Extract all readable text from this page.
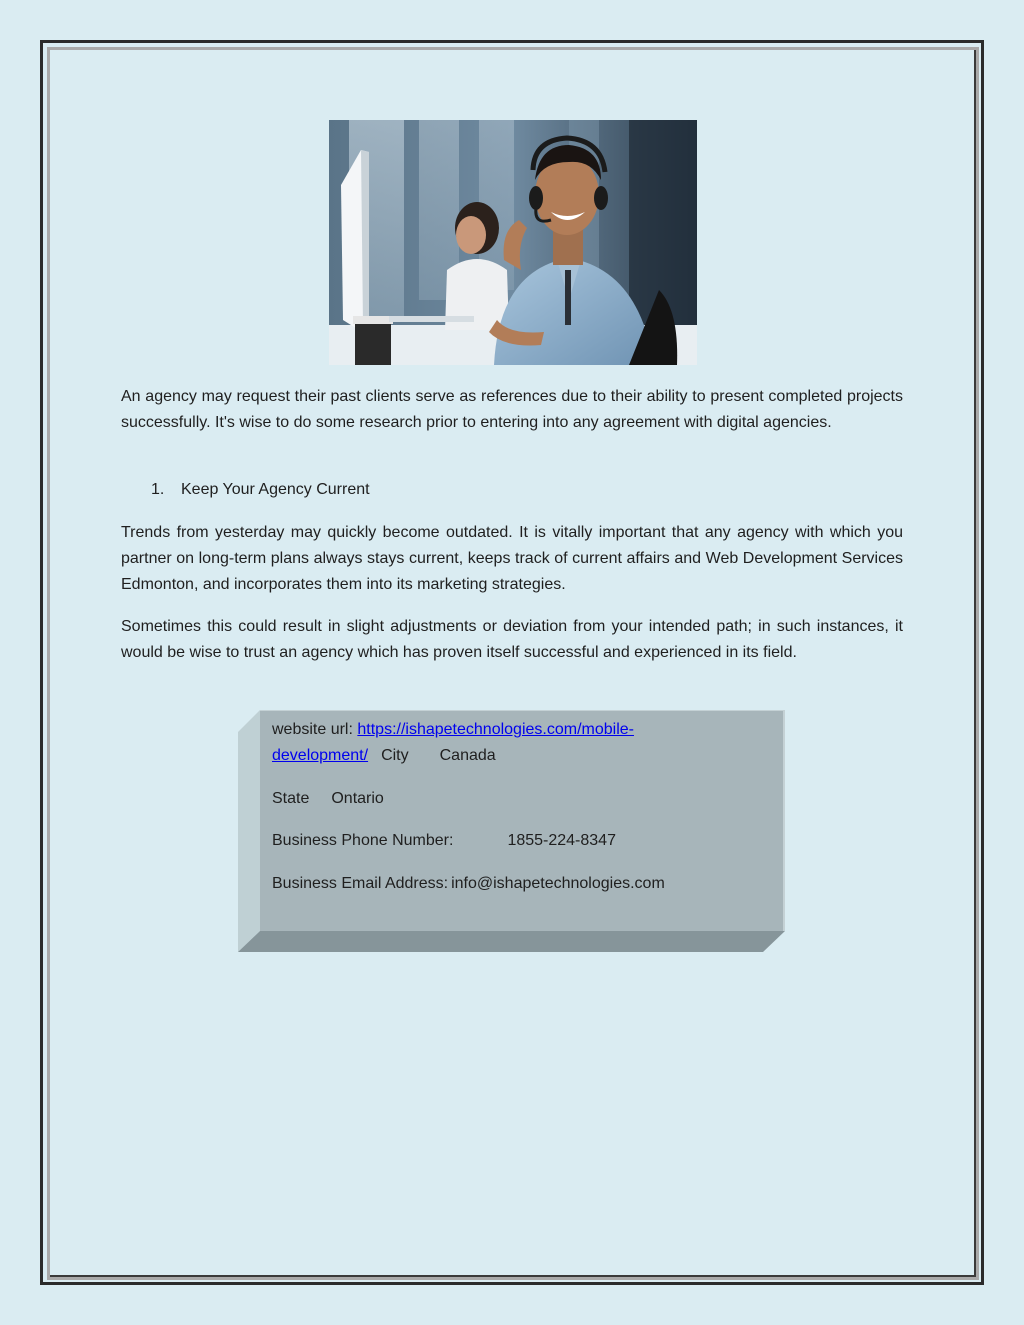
An agency may request their past clients serve as references due to their ability to present completed projects successfully. It's wise to do some research prior to entering into any agreement with digital agencies.

1. Keep Your Agency Current

Trends from yesterday may quickly become outdated. It is vitally important that any agency with which you partner on long-term plans always stays current, keeps track of current affairs and Web Development Services Edmonton, and incorporates them into its marketing strategies.

Sometimes this could result in slight adjustments or deviation from your intended path; in such instances, it would be wise to trust an agency which has proven itself successful and experienced in its field.

website url: https://ishapetechnologies.com/mobile-
development/ City Canada
State Ontario
Business Phone Number:	1855-224-8347
Business Email Address: info@ishapetechnologies.com
